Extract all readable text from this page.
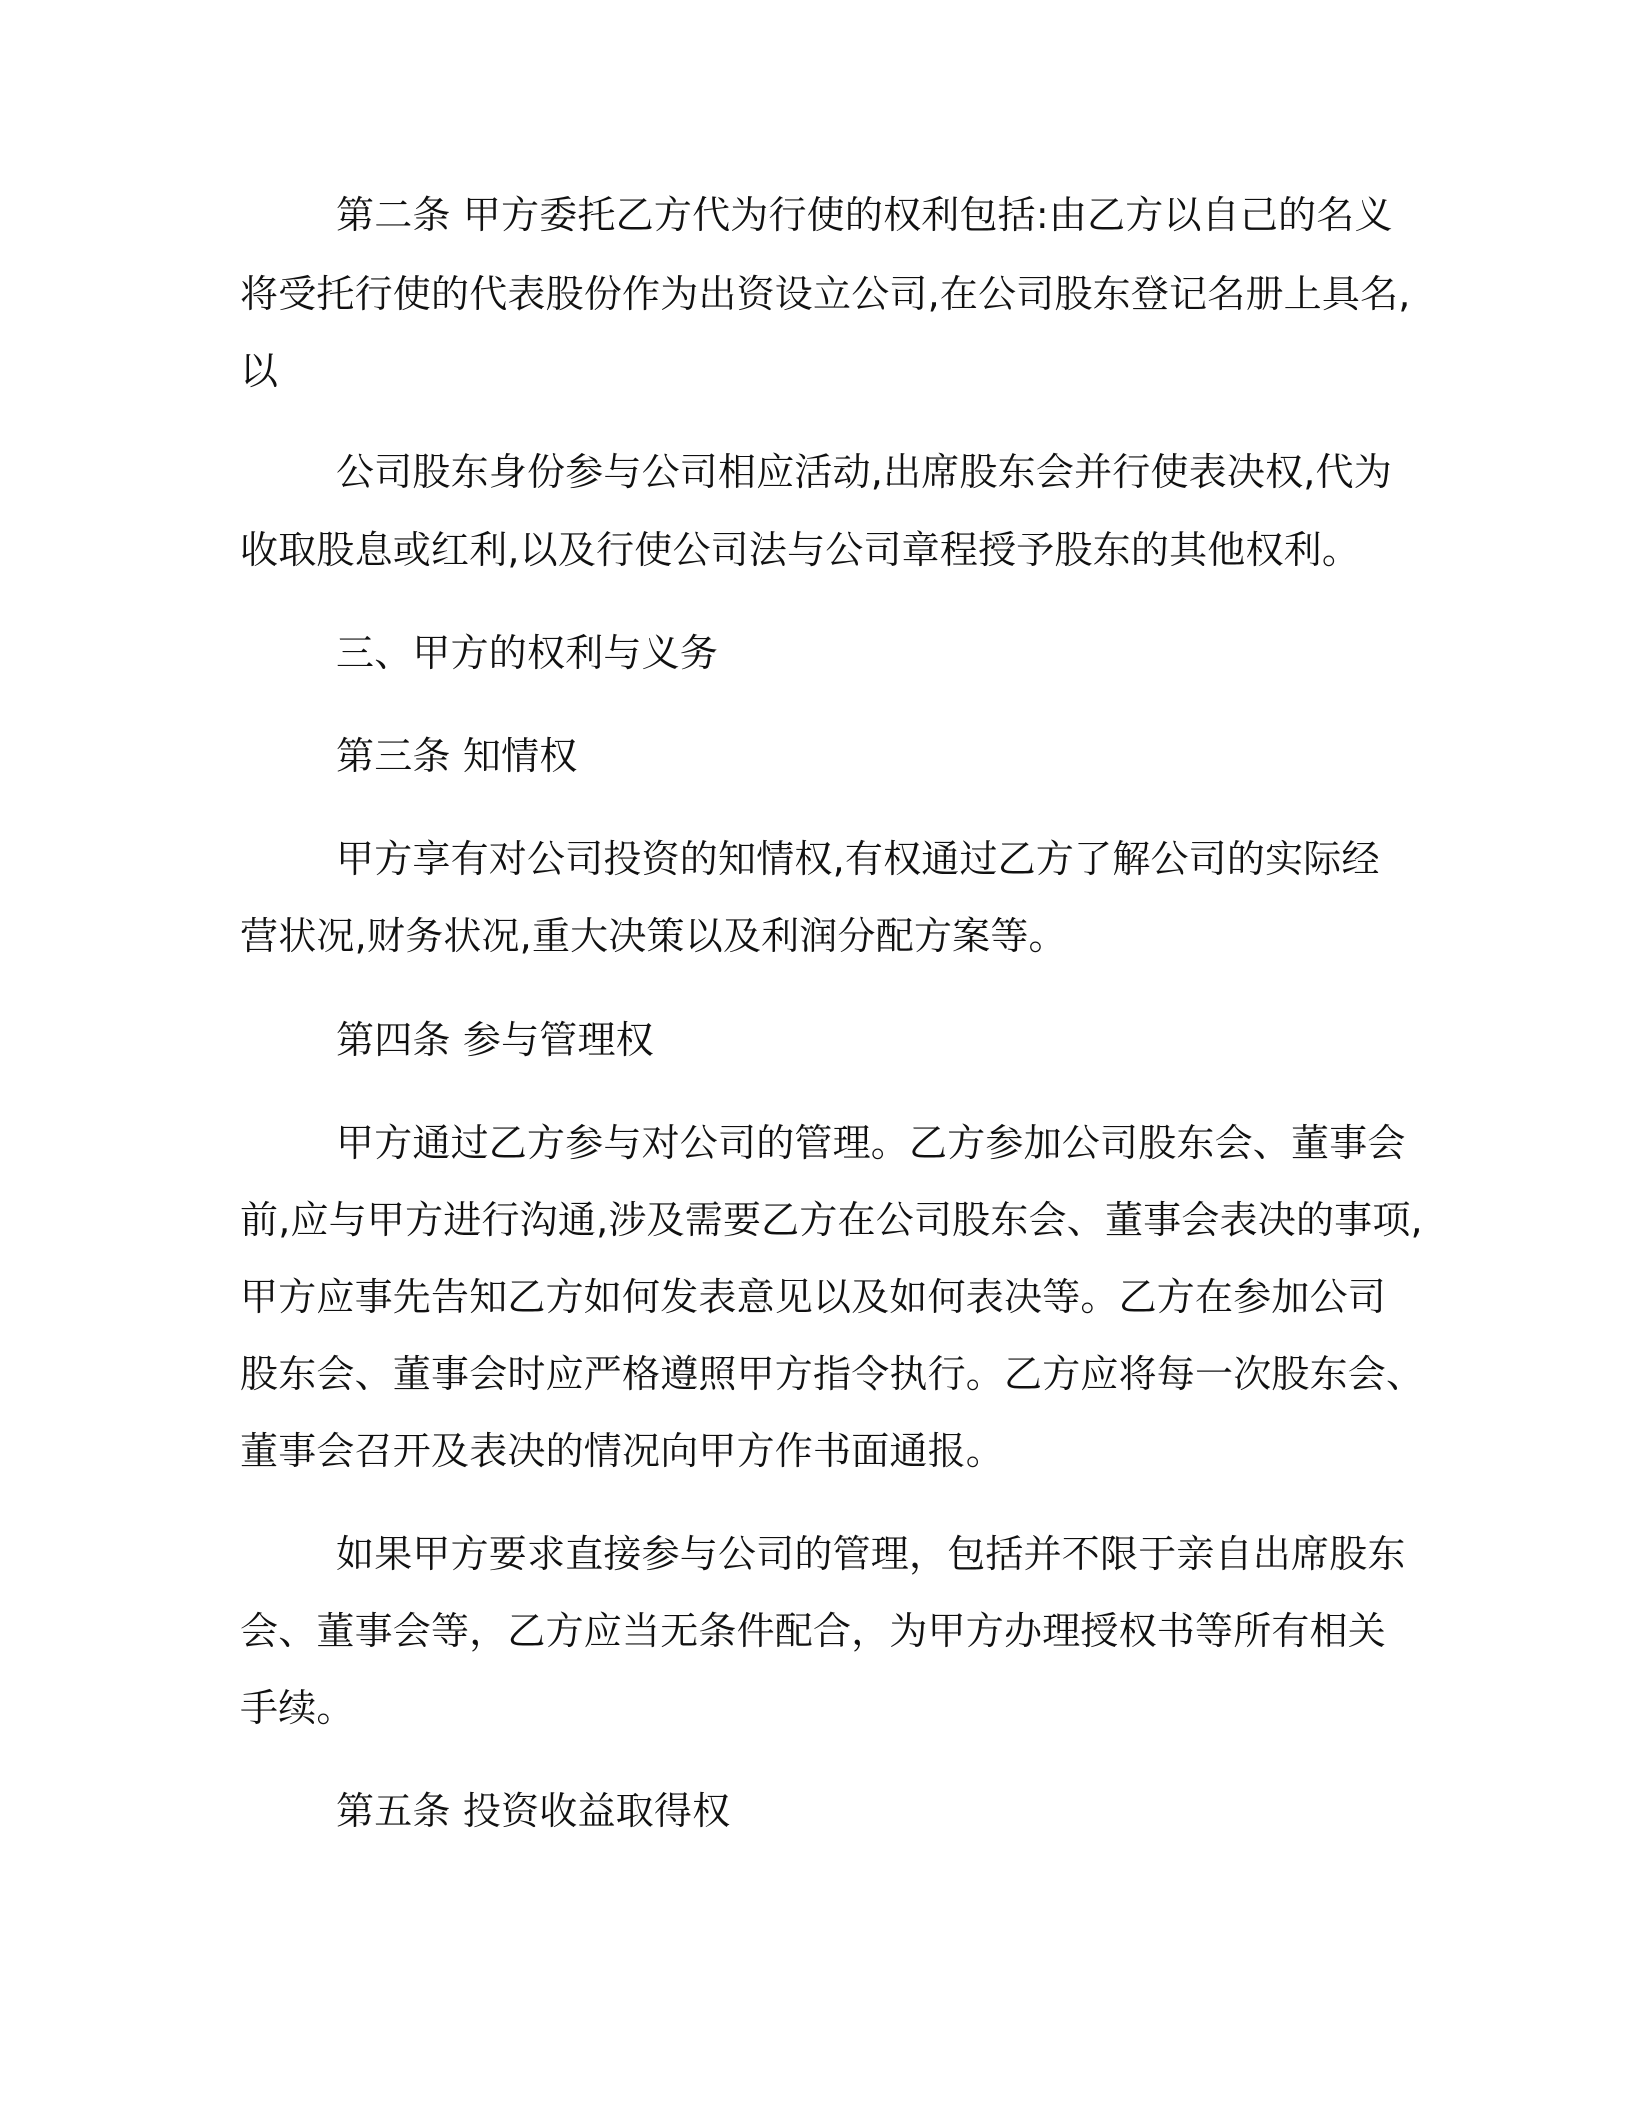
第二条 甲方委托乙方代为行使的权利包括:由乙方以自己的名义
将受托行使的代表股份作为出资设立公司,在公司股东登记名册上具名,
以
公司股东身份参与公司相应活动,出席股东会并行使表决权,代为
收取股息或红利,以及行使公司法与公司章程授予股东的其他权利。
三、甲方的权利与义务
第三条 知情权
甲方享有对公司投资的知情权,有权通过乙方了解公司的实际经
营状况,财务状况,重大决策以及利润分配方案等。
第四条 参与管理权
甲方通过乙方参与对公司的管理。乙方参加公司股东会、董事会
前,应与甲方进行沟通,涉及需要乙方在公司股东会、董事会表决的事项,
甲方应事先告知乙方如何发表意见以及如何表决等。乙方在参加公司
股东会、董事会时应严格遵照甲方指令执行。乙方应将每一次股东会、
董事会召开及表决的情况向甲方作书面通报。
如果甲方要求直接参与公司的管理，包括并不限于亲自出席股东
会、董事会等，乙方应当无条件配合，为甲方办理授权书等所有相关
手续。
第五条 投资收益取得权
